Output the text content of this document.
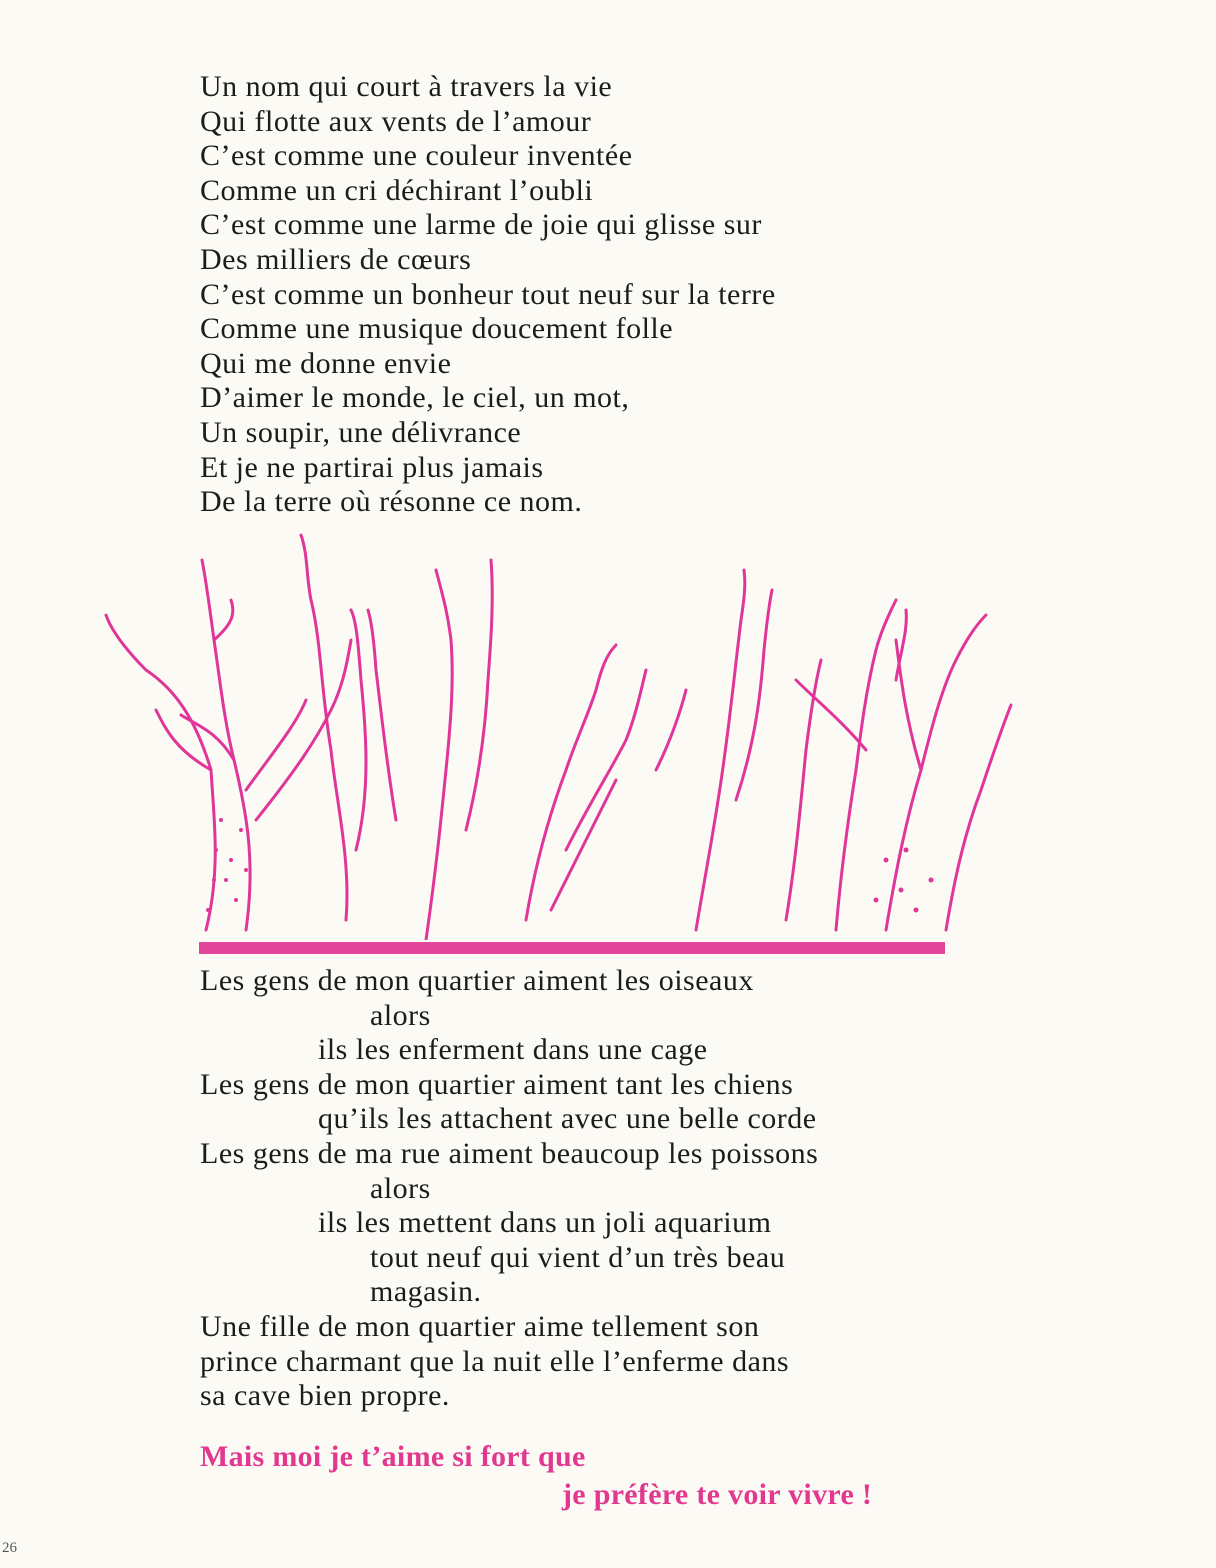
Un nom qui court à travers la vie
Qui flotte aux vents de l’amour
C’est comme une couleur inventée
Comme un cri déchirant l’oubli
C’est comme une larme de joie qui glisse sur
Des milliers de cœurs
C’est comme un bonheur tout neuf sur la terre
Comme une musique doucement folle
Qui me donne envie
D’aimer le monde, le ciel, un mot,
Un soupir, une délivrance
Et je ne partirai plus jamais
De la terre où résonne ce nom.
Les gens de mon quartier aiment les oiseaux
alors
ils les enferment dans une cage
Les gens de mon quartier aiment tant les chiens
qu’ils les attachent avec une belle corde
Les gens de ma rue aiment beaucoup les poissons
alors
ils les mettent dans un joli aquarium
tout neuf qui vient d’un très beau
magasin.
Une fille de mon quartier aime tellement son
prince charmant que la nuit elle l’enferme dans
sa cave bien propre.
Mais moi je t’aime si fort que
je préfère te voir vivre !
26
